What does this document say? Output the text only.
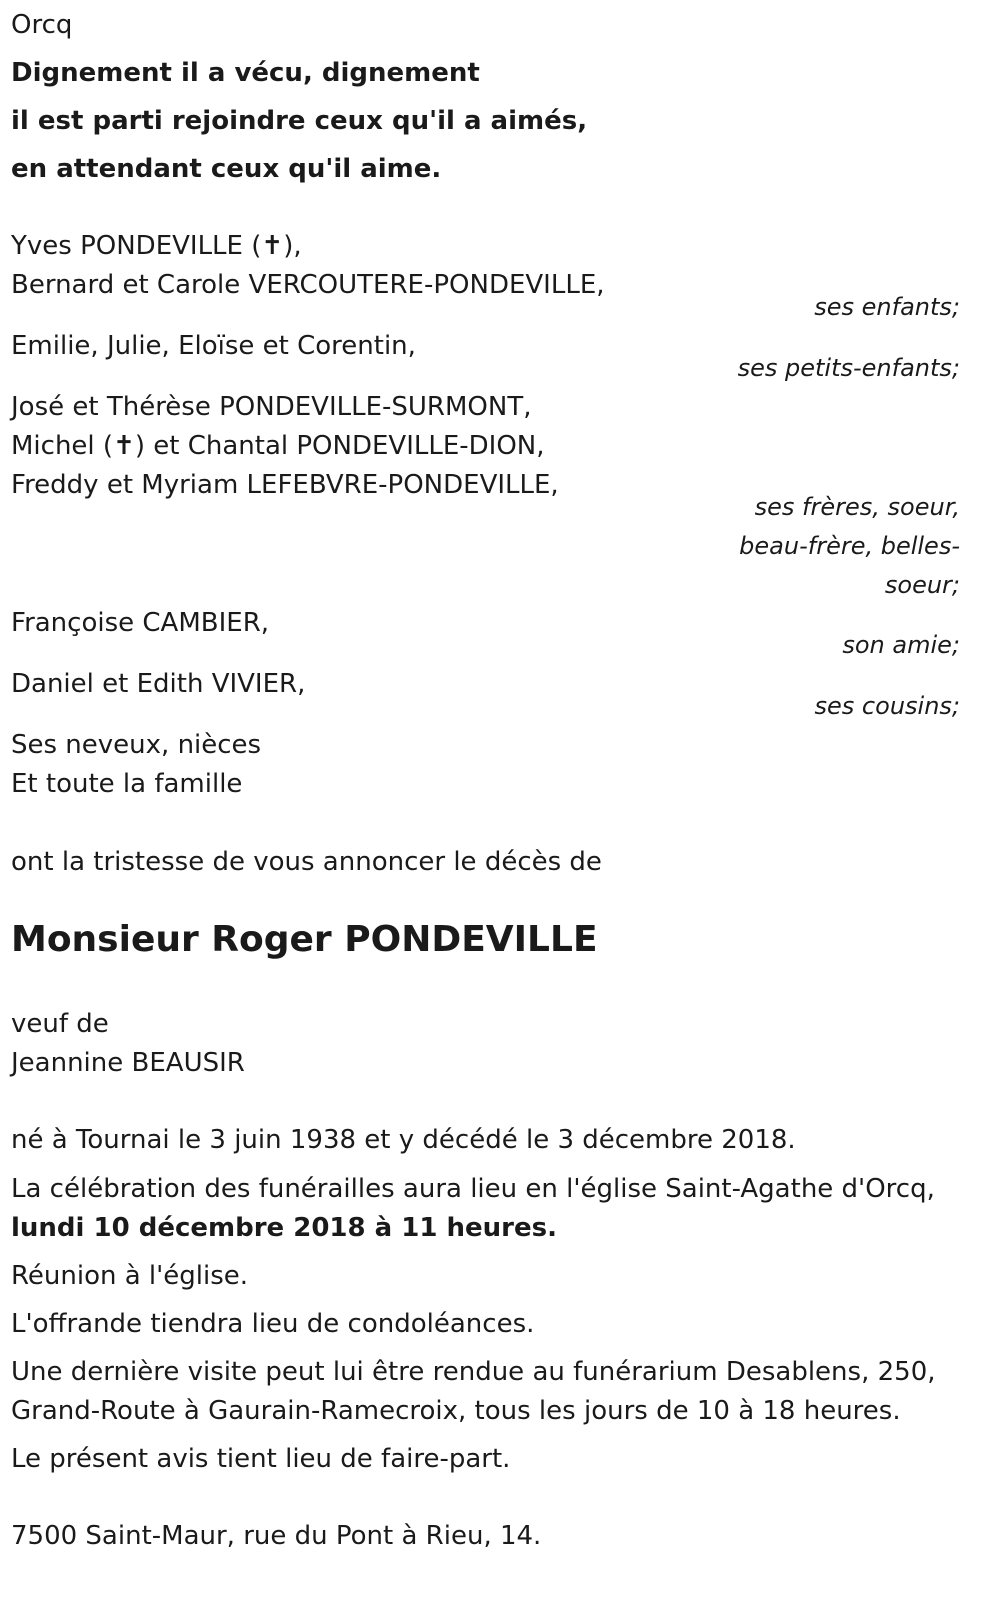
Orcq
Dignement il a vécu, dignement
il est parti rejoindre ceux qu'il a aimés,
en attendant ceux qu'il aime.
Yves PONDEVILLE (✝),
Bernard et Carole VERCOUTERE-PONDEVILLE,
ses enfants;
Emilie, Julie, Eloïse et Corentin,
ses petits-enfants;
José et Thérèse PONDEVILLE-SURMONT,
Michel (✝) et Chantal PONDEVILLE-DION,
Freddy et Myriam LEFEBVRE-PONDEVILLE,
ses frères, soeur,
beau-frère, belles-
soeur;
Françoise CAMBIER,
son amie;
Daniel et Edith VIVIER,
ses cousins;
Ses neveux, nièces
Et toute la famille
ont la tristesse de vous annoncer le décès de
Monsieur Roger PONDEVILLE
veuf de
Jeannine BEAUSIR
né à Tournai le 3 juin 1938 et y décédé le 3 décembre 2018.
La célébration des funérailles aura lieu en l'église Saint-Agathe d'Orcq,
lundi 10 décembre 2018 à 11 heures.
Réunion à l'église.
L'offrande tiendra lieu de condoléances.
Une dernière visite peut lui être rendue au funérarium Desablens, 250,
Grand-Route à Gaurain-Ramecroix, tous les jours de 10 à 18 heures.
Le présent avis tient lieu de faire-part.
7500 Saint-Maur, rue du Pont à Rieu, 14.
